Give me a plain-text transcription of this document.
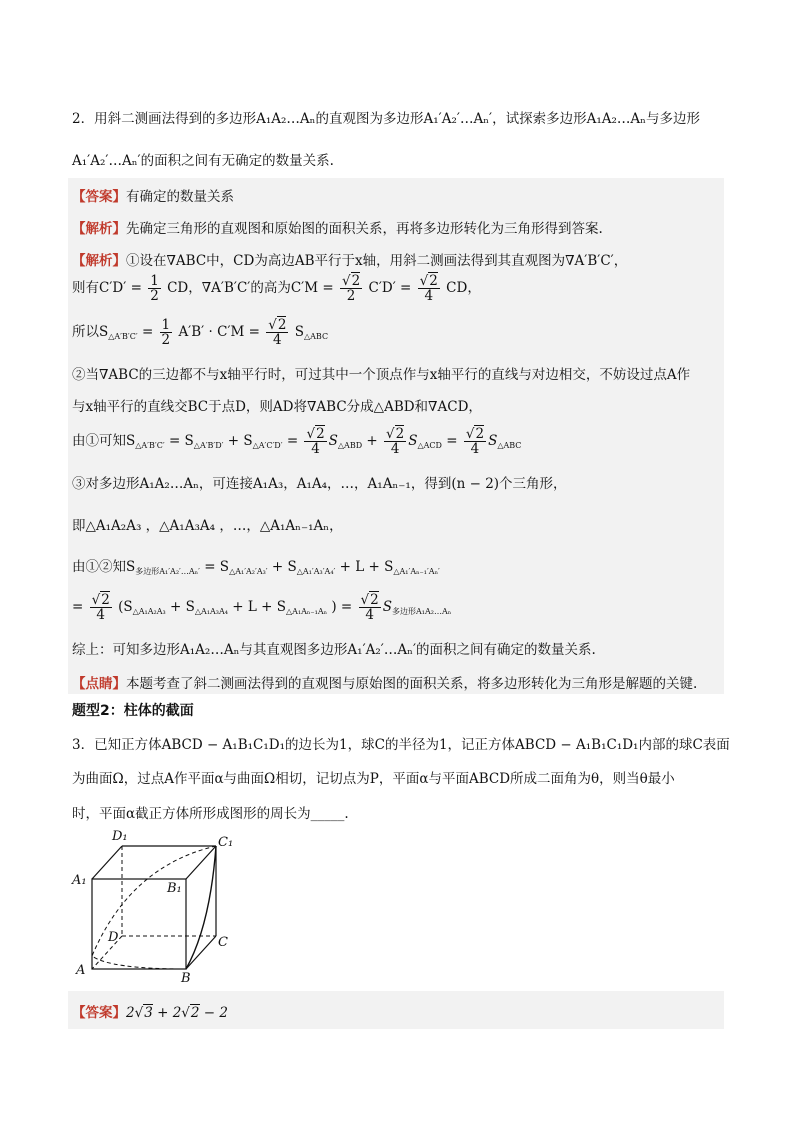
2．用斜二测画法得到的多边形A₁A₂…Aₙ的直观图为多边形A₁′A₂′…Aₙ′，试探索多边形A₁A₂…Aₙ与多边形
A₁′A₂′…Aₙ′的面积之间有无确定的数量关系.
【答案】有确定的数量关系
【解析】先确定三角形的直观图和原始图的面积关系，再将多边形转化为三角形得到答案.
【解析】①设在∇ABC中，CD为高边AB平行于x轴，用斜二测画法得到其直观图为∇A′B′C′，
则有$C'D' = \frac{1}{2}$ CD，∇A′B′C′的高为$C'M = \frac{√2}{2} C'D' = \frac{√2}{4}$ CD，
所以$S_{\triangle A'B'C'} = \frac{1}{2} A'B' \cdot C'M = \frac{√2}{4} S_{\triangle ABC}$
②当∇ABC的三边都不与x轴平行时，可过其中一个顶点作与x轴平行的直线与对边相交，不妨设过点A作
与x轴平行的直线交BC于点D，则AD将∇ABC分成△ABD和∇ACD，
由①可知$S_{\triangle A'B'C'} = S_{\triangle A'B'D'} + S_{\triangle A'C'D'} = \frac{√2}{4} S_{\triangle ABD} + \frac{√2}{4} S_{\triangle ACD} = \frac{√2}{4} S_{\triangle ABC}$
③对多边形A₁A₂…Aₙ，可连接A₁A₃，A₁A₄，…，A₁Aₙ₋₁，得到(n − 2)个三角形，
即△A₁A₂A₃ ，△A₁A₃A₄ ，…，△A₁Aₙ₋₁Aₙ，
由①②知$S_{多边形A_1'A_2'\dots A_n'} = S_{\triangle A_1'A_2'A_3'} + S_{\triangle A_1'A_3'A_4'} + L + S_{\triangle A_1'A_{n-1}'A_n'}$
= $\frac{√2}{4} (S_{\triangle A_1A_2A_3} + S_{\triangle A_1A_3A_4} + L + S_{\triangle A_1A_{n-1}A_n}$ ) = $\frac{√2}{4} S_{多边形A_1A_2\dots A_n}$
综上：可知多边形A₁A₂…Aₙ与其直观图多边形A₁′A₂′…Aₙ′的面积之间有确定的数量关系.
【点睛】本题考查了斜二测画法得到的直观图与原始图的面积关系，将多边形转化为三角形是解题的关键.
题型2：柱体的截面
3．已知正方体ABCD − A₁B₁C₁D₁的边长为1，球C的半径为1，记正方体ABCD − A₁B₁C₁D₁内部的球C表面
为曲面Ω，过点A作平面α与曲面Ω相切，记切点为P，平面α与平面ABCD所成二面角为θ，则当θ最小
时，平面α截正方体所形成图形的周长为_____.
D₁	C₁
A₁
B₁
D	C
A
B
【答案】2√3 + 2√2 − 2
